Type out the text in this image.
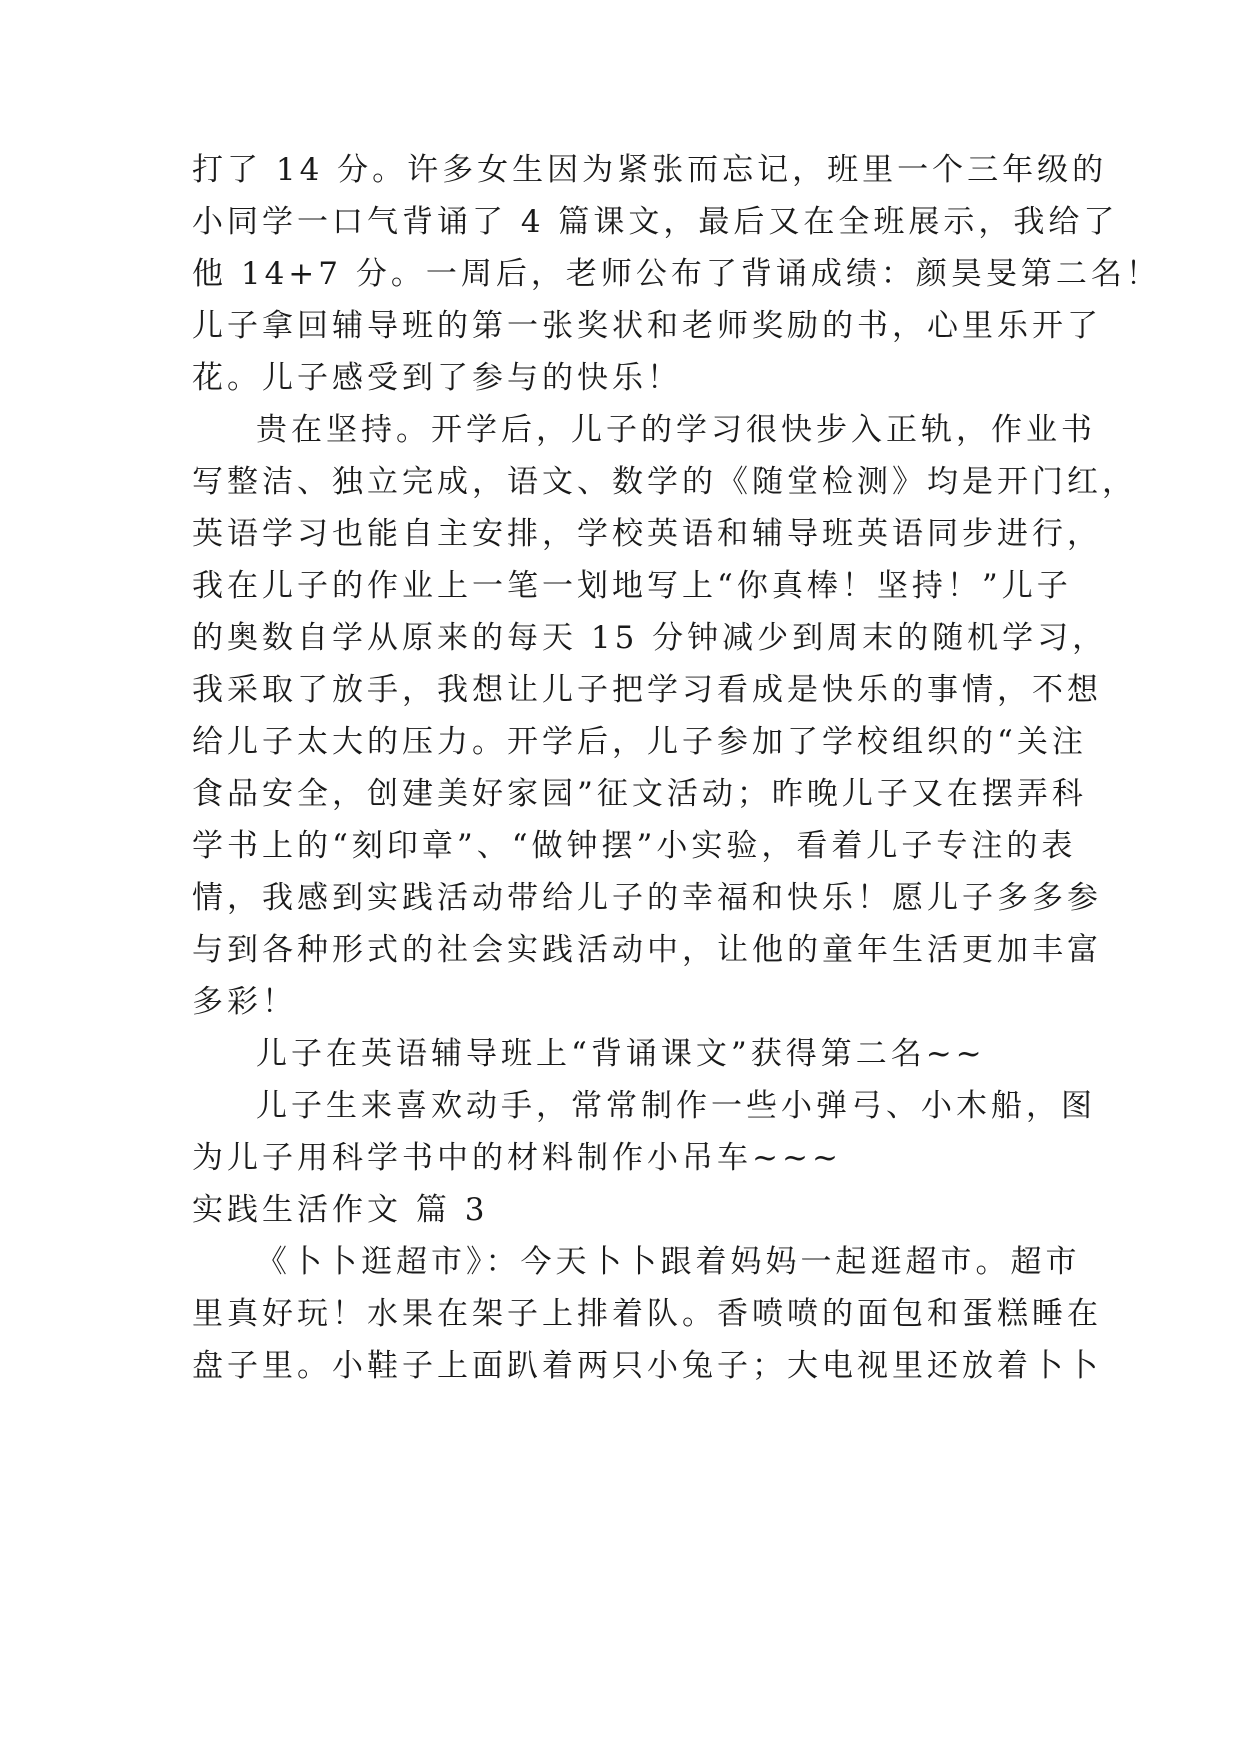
打了 14 分。许多女生因为紧张而忘记，班里一个三年级的
小同学一口气背诵了 4 篇课文，最后又在全班展示，我给了
他 14+7 分。一周后，老师公布了背诵成绩：颜昊旻第二名！
儿子拿回辅导班的第一张奖状和老师奖励的书，心里乐开了
花。儿子感受到了参与的快乐！
贵在坚持。开学后，儿子的学习很快步入正轨，作业书
写整洁、独立完成，语文、数学的《随堂检测》均是开门红，
英语学习也能自主安排，学校英语和辅导班英语同步进行，
我在儿子的作业上一笔一划地写上“你真棒！坚持！”儿子
的奥数自学从原来的每天 15 分钟减少到周末的随机学习，
我采取了放手，我想让儿子把学习看成是快乐的事情，不想
给儿子太大的压力。开学后，儿子参加了学校组织的“关注
食品安全，创建美好家园”征文活动；昨晚儿子又在摆弄科
学书上的“刻印章”、“做钟摆”小实验，看着儿子专注的表
情，我感到实践活动带给儿子的幸福和快乐！愿儿子多多参
与到各种形式的社会实践活动中，让他的童年生活更加丰富
多彩！
儿子在英语辅导班上“背诵课文”获得第二名~~
儿子生来喜欢动手，常常制作一些小弹弓、小木船，图
为儿子用科学书中的材料制作小吊车~~~
实践生活作文 篇 3
《卜卜逛超市》：今天卜卜跟着妈妈一起逛超市。超市
里真好玩！水果在架子上排着队。香喷喷的面包和蛋糕睡在
盘子里。小鞋子上面趴着两只小兔子；大电视里还放着卜卜
